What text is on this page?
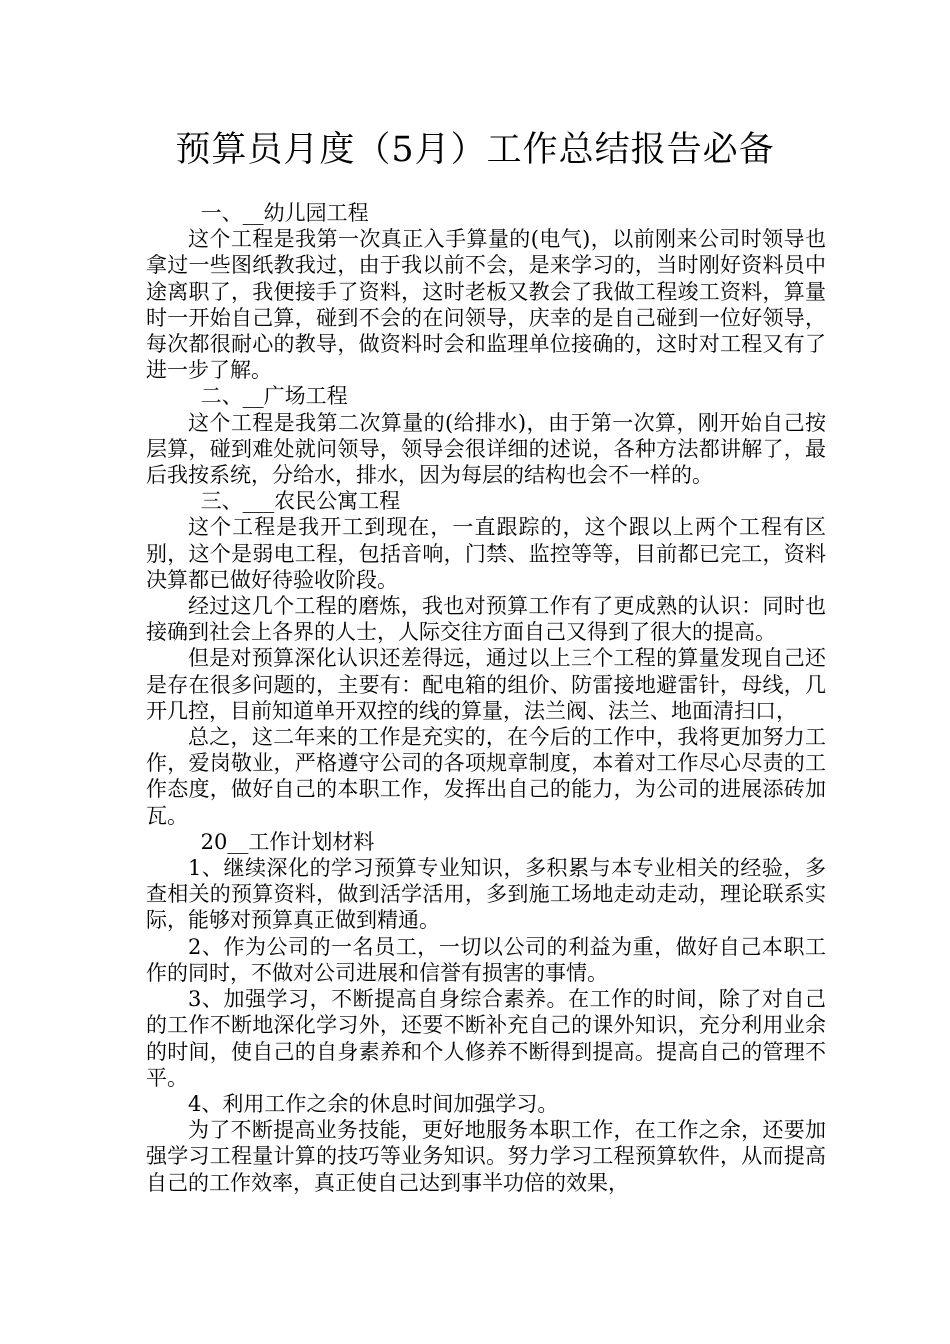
预算员月度（5月）工作总结报告必备

一、__幼儿园工程

这个工程是我第一次真正入手算量的(电气)，以前刚来公司时领导也拿过一些图纸教我过，由于我以前不会，是来学习的，当时刚好资料员中途离职了，我便接手了资料，这时老板又教会了我做工程竣工资料，算量时一开始自己算，碰到不会的在问领导，庆幸的是自己碰到一位好领导，每次都很耐心的教导，做资料时会和监理单位接确的，这时对工程又有了进一步了解。

二、__广场工程

这个工程是我第二次算量的(给排水)，由于第一次算，刚开始自己按层算，碰到难处就问领导，领导会很详细的述说，各种方法都讲解了，最后我按系统，分给水，排水，因为每层的结构也会不一样的。

三、___农民公寓工程

这个工程是我开工到现在，一直跟踪的，这个跟以上两个工程有区别，这个是弱电工程，包括音响，门禁、监控等等，目前都已完工，资料决算都已做好待验收阶段。

经过这几个工程的磨炼，我也对预算工作有了更成熟的认识：同时也接确到社会上各界的人士，人际交往方面自己又得到了很大的提高。

但是对预算深化认识还差得远，通过以上三个工程的算量发现自己还是存在很多问题的，主要有：配电箱的组价、防雷接地避雷针，母线，几开几控，目前知道单开双控的线的算量，法兰阀、法兰、地面清扫口，

总之，这二年来的工作是充实的，在今后的工作中，我将更加努力工作，爱岗敬业，严格遵守公司的各项规章制度，本着对工作尽心尽责的工作态度，做好自己的本职工作，发挥出自己的能力，为公司的进展添砖加瓦。

20__工作计划材料

1、继续深化的学习预算专业知识，多积累与本专业相关的经验，多查相关的预算资料，做到活学活用，多到施工场地走动走动，理论联系实际，能够对预算真正做到精通。

2、作为公司的一名员工，一切以公司的利益为重，做好自己本职工作的同时，不做对公司进展和信誉有损害的事情。

3、加强学习，不断提高自身综合素养。在工作的时间，除了对自己的工作不断地深化学习外，还要不断补充自己的课外知识，充分利用业余的时间，使自己的自身素养和个人修养不断得到提高。提高自己的管理不平。

4、利用工作之余的休息时间加强学习。

为了不断提高业务技能，更好地服务本职工作，在工作之余，还要加强学习工程量计算的技巧等业务知识。努力学习工程预算软件，从而提高自己的工作效率，真正使自己达到事半功倍的效果，
